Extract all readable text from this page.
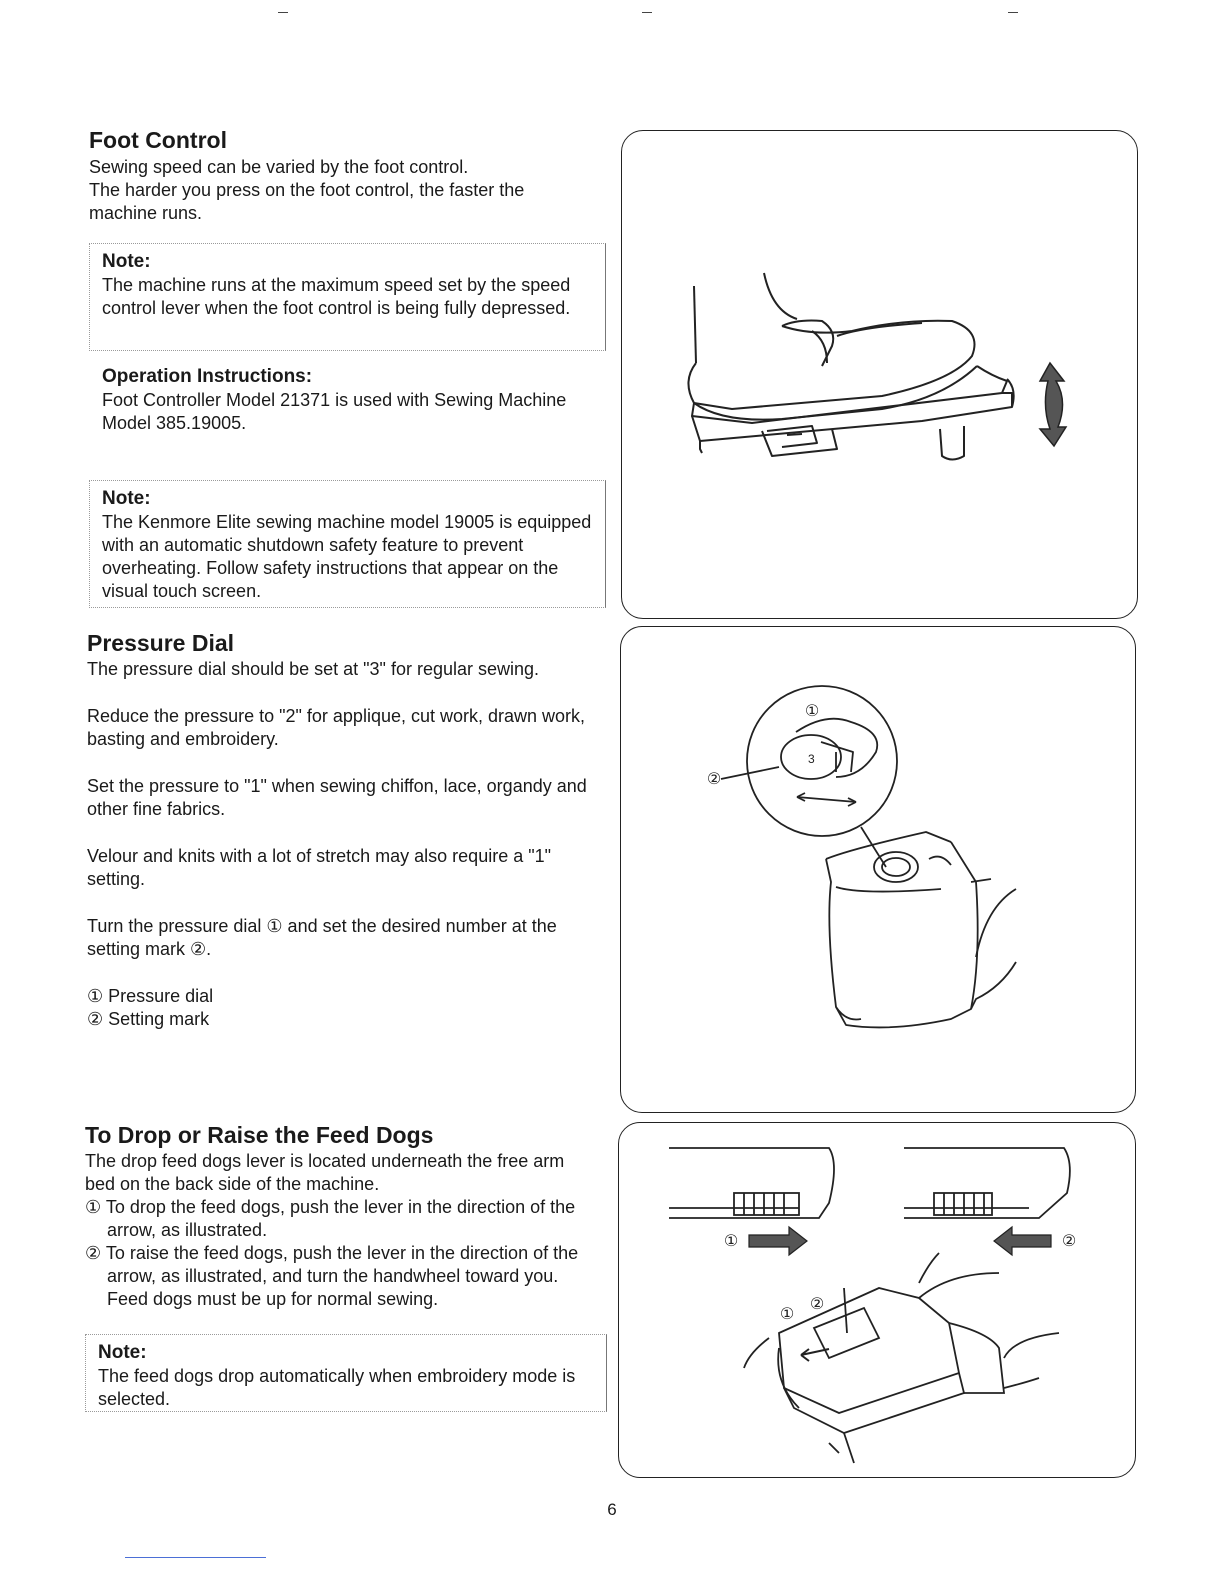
Foot Control

Sewing speed can be varied by the foot control.

The harder you press on the foot control, the faster the machine runs.

Note:
The machine runs at the maximum speed set by the speed control lever when the foot control is being fully depressed.
Operation Instructions:

Foot Controller Model 21371 is used with Sewing Machine Model 385.19005.

Note:
The Kenmore Elite sewing machine model 19005 is equipped with an automatic shutdown safety feature to prevent overheating. Follow safety instructions that appear on the visual touch screen.
Pressure Dial

The pressure dial should be set at "3" for regular sewing.

Reduce the pressure to "2" for applique, cut work, drawn work, basting and embroidery.

Set the pressure to "1" when sewing chiffon, lace, organdy and other fine fabrics.

Velour and knits with a lot of stretch may also require a "1" setting.

Turn the pressure dial ① and set the desired number at the setting mark ②.

① Pressure dial

② Setting mark

①
②
3
To Drop or Raise the Feed Dogs

The drop feed dogs lever is located underneath the free arm bed on the back side of the machine.

① To drop the feed dogs, push the lever in the direction of the arrow, as illustrated.

② To raise the feed dogs, push the lever in the direction of the arrow, as illustrated, and turn the handwheel toward you. Feed dogs must be up for normal sewing.

Note:
The feed dogs drop automatically when embroidery mode is selected.
①	②
①
②
6
